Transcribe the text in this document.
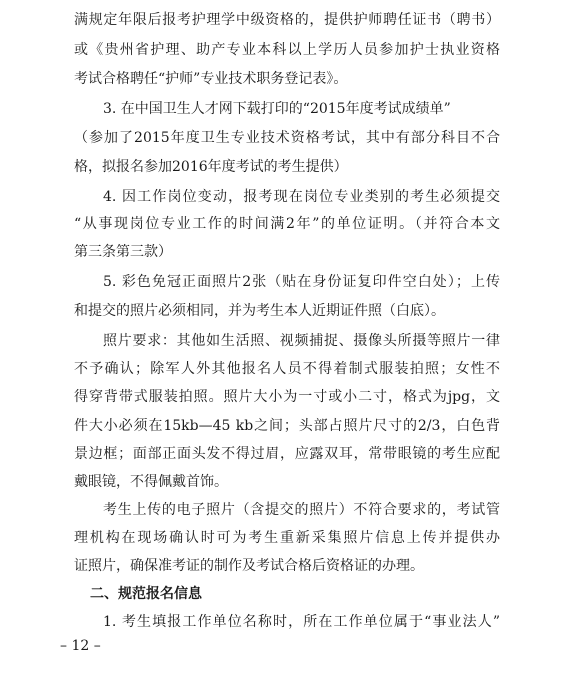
满规定年限后报考护理学中级资格的，提供护师聘任证书（聘书）
或《贵州省护理、助产专业本科以上学历人员参加护士执业资格
考试合格聘任“护师”专业技术职务登记表》。
3. 在中国卫生人才网下载打印的“2015年度考试成绩单”
（参加了2015年度卫生专业技术资格考试，其中有部分科目不合
格，拟报名参加2016年度考试的考生提供）
4. 因工作岗位变动，报考现在岗位专业类别的考生必须提交
“从事现岗位专业工作的时间满2年”的单位证明。（并符合本文
第三条第三款）
5. 彩色免冠正面照片2张（贴在身份证复印件空白处）；上传
和提交的照片必须相同，并为考生本人近期证件照（白底）。
照片要求：其他如生活照、视频捕捉、摄像头所摄等照片一律
不予确认；除军人外其他报名人员不得着制式服装拍照；女性不
得穿背带式服装拍照。照片大小为一寸或小二寸，格式为jpg，文
件大小必须在15kb—45 kb之间；头部占照片尺寸的2/3，白色背
景边框；面部正面头发不得过眉，应露双耳，常带眼镜的考生应配
戴眼镜，不得佩戴首饰。
考生上传的电子照片（含提交的照片）不符合要求的，考试管
理机构在现场确认时可为考生重新采集照片信息上传并提供办
证照片，确保准考证的制作及考试合格后资格证的办理。
二、规范报名信息
1. 考生填报工作单位名称时，所在工作单位属于“事业法人”
– 12 –
